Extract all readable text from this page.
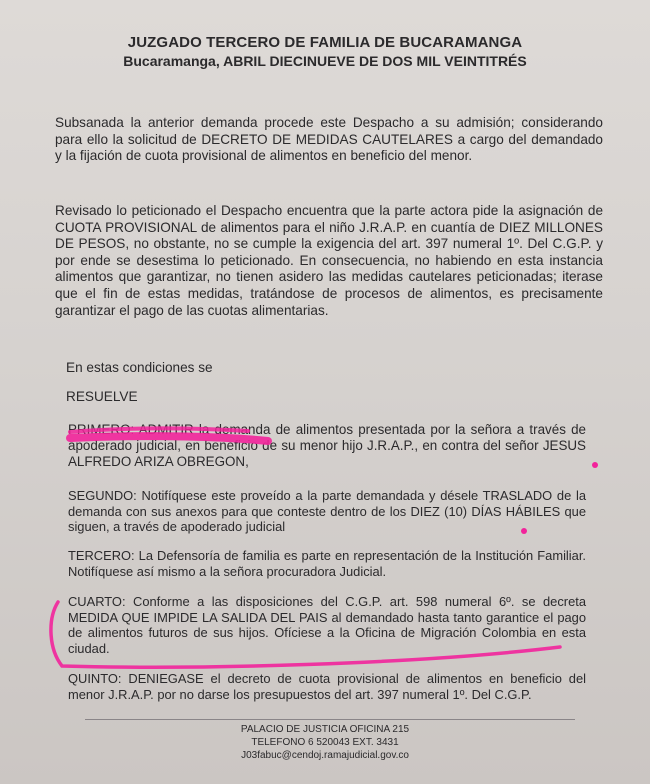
JUZGADO TERCERO DE FAMILIA DE BUCARAMANGA
Bucaramanga, ABRIL DIECINUEVE DE DOS MIL VEINTITRÉS
Subsanada la anterior demanda procede este Despacho a su admisión; considerando para ello la solicitud de DECRETO DE MEDIDAS CAUTELARES a cargo del demandado y la fijación de cuota provisional de alimentos en beneficio del menor.
Revisado lo peticionado el Despacho encuentra que la parte actora pide la asignación de CUOTA PROVISIONAL de alimentos para el niño J.R.A.P. en cuantía de DIEZ MILLONES DE PESOS, no obstante, no se cumple la exigencia del art. 397 numeral 1º. Del C.G.P. y por ende se desestima lo peticionado. En consecuencia, no habiendo en esta instancia alimentos que garantizar, no tienen asidero las medidas cautelares peticionadas; iterase que el fin de estas medidas, tratándose de procesos de alimentos, es precisamente garantizar el pago de las cuotas alimentarias.
En estas condiciones se
RESUELVE
PRIMERO: ADMITIR la demanda de alimentos presentada por la señora a través de apoderado judicial, en beneficio de su menor hijo J.R.A.P., en contra del señor JESUS ALFREDO ARIZA OBREGON,
SEGUNDO: Notifíquese este proveído a la parte demandada y désele TRASLADO de la demanda con sus anexos para que conteste dentro de los DIEZ (10) DÍAS HÁBILES que siguen, a través de apoderado judicial
TERCERO: La Defensoría de familia es parte en representación de la Institución Familiar. Notifíquese así mismo a la señora procuradora Judicial.
CUARTO: Conforme a las disposiciones del C.G.P. art. 598 numeral 6º. se decreta MEDIDA QUE IMPIDE LA SALIDA DEL PAIS al demandado hasta tanto garantice el pago de alimentos futuros de sus hijos. Ofíciese a la Oficina de Migración Colombia en esta ciudad.
QUINTO: DENIEGASE el decreto de cuota provisional de alimentos en beneficio del menor J.R.A.P. por no darse los presupuestos del art. 397 numeral 1º. Del C.G.P.
PALACIO DE JUSTICIA OFICINA 215
TELEFONO 6 520043 EXT. 3431
J03fabuc@cendoj.ramajudicial.gov.co
